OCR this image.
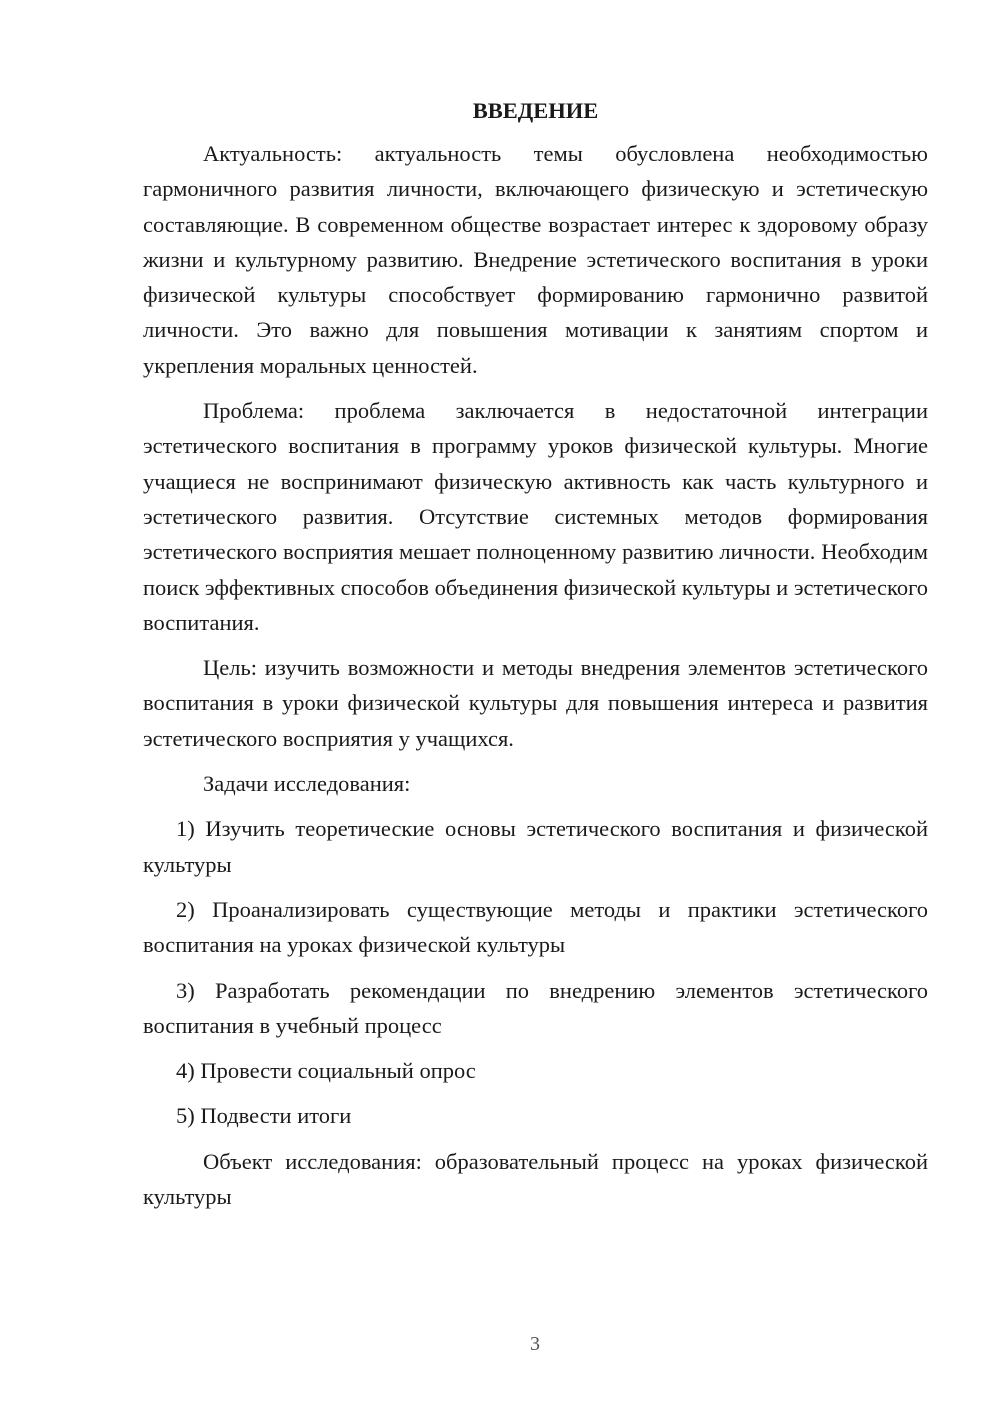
ВВЕДЕНИЕ

Актуальность: актуальность темы обусловлена необходимостью гармоничного развития личности, включающего физическую и эстетическую составляющие. В современном обществе возрастает интерес к здоровому образу жизни и культурному развитию. Внедрение эстетического воспитания в уроки физической культуры способствует формированию гармонично развитой личности. Это важно для повышения мотивации к занятиям спортом и укрепления моральных ценностей.

Проблема: проблема заключается в недостаточной интеграции эстетического воспитания в программу уроков физической культуры. Многие учащиеся не воспринимают физическую активность как часть культурного и эстетического развития. Отсутствие системных методов формирования эстетического восприятия мешает полноценному развитию личности. Необходим поиск эффективных способов объединения физической культуры и эстетического воспитания.

Цель: изучить возможности и методы внедрения элементов эстетического воспитания в уроки физической культуры для повышения интереса и развития эстетического восприятия у учащихся.

Задачи исследования:

1) Изучить теоретические основы эстетического воспитания и физической культуры

2) Проанализировать существующие методы и практики эстетического воспитания на уроках физической культуры

3) Разработать рекомендации по внедрению элементов эстетического воспитания в учебный процесс

4) Провести социальный опрос

5) Подвести итоги

Объект исследования: образовательный процесс на уроках физической культуры

3
